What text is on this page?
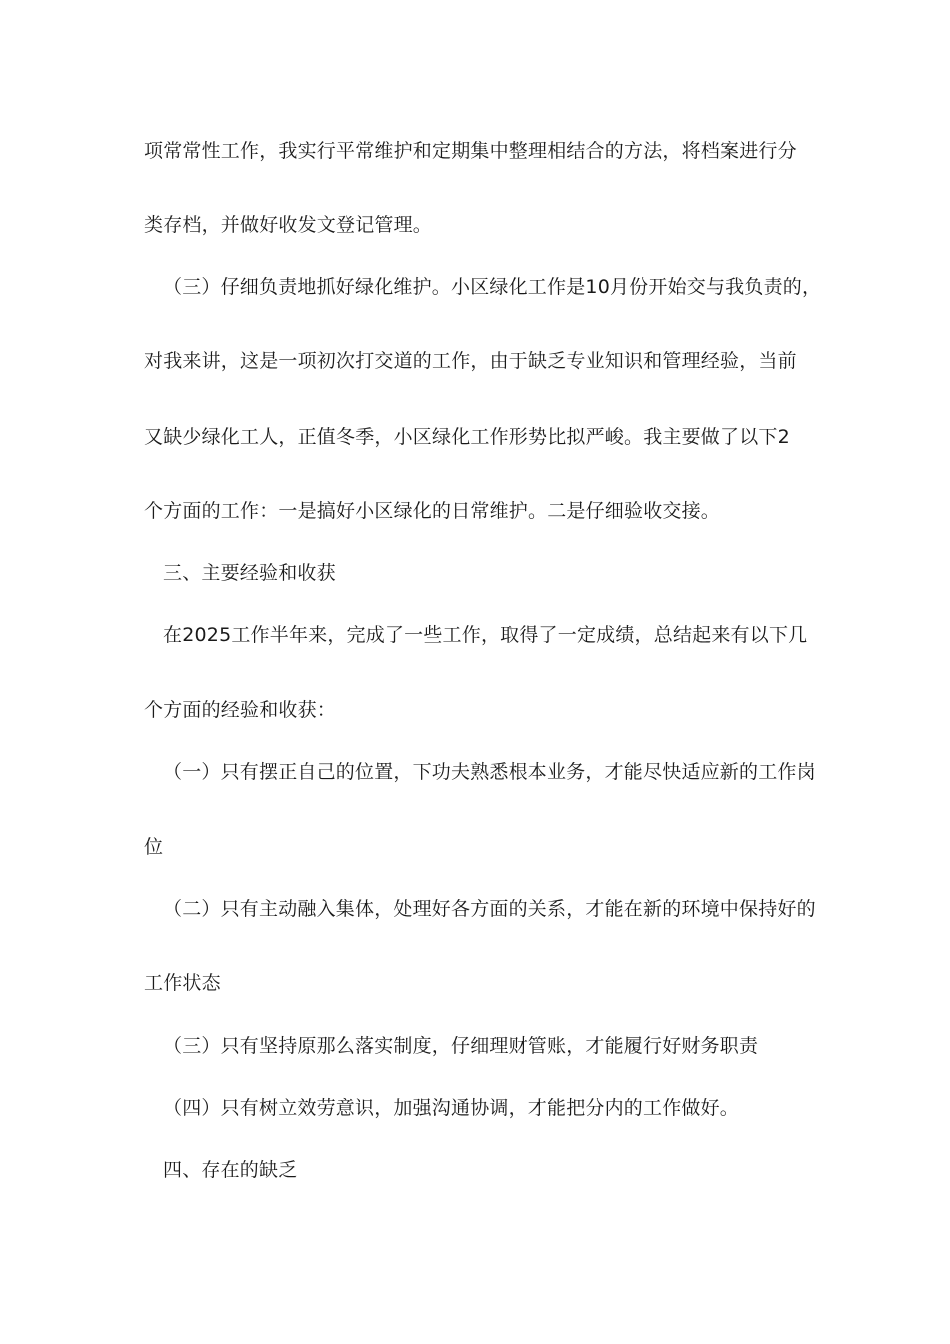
项常常性工作，我实行平常维护和定期集中整理相结合的方法，将档案进行分
类存档，并做好收发文登记管理。
（三）仔细负责地抓好绿化维护。小区绿化工作是10月份开始交与我负责的，
对我来讲，这是一项初次打交道的工作，由于缺乏专业知识和管理经验，当前
又缺少绿化工人，正值冬季，小区绿化工作形势比拟严峻。我主要做了以下2
个方面的工作：一是搞好小区绿化的日常维护。二是仔细验收交接。
三、主要经验和收获
在2025工作半年来，完成了一些工作，取得了一定成绩，总结起来有以下几
个方面的经验和收获：
（一）只有摆正自己的位置，下功夫熟悉根本业务，才能尽快适应新的工作岗
位
（二）只有主动融入集体，处理好各方面的关系，才能在新的环境中保持好的
工作状态
（三）只有坚持原那么落实制度，仔细理财管账，才能履行好财务职责
（四）只有树立效劳意识，加强沟通协调，才能把分内的工作做好。
四、存在的缺乏
